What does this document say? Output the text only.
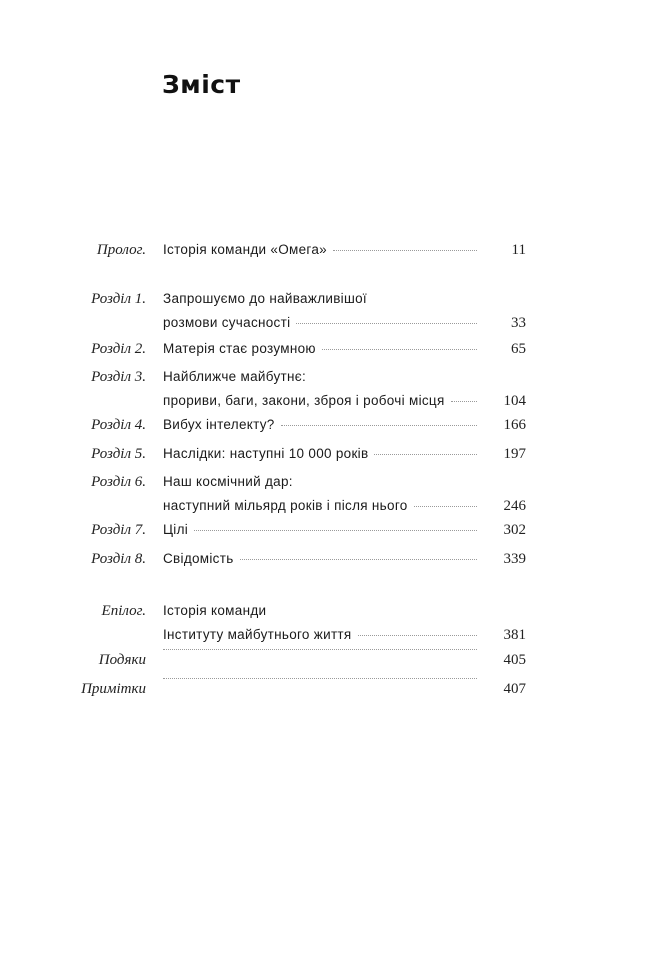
Зміст
Пролог. Історія команди «Омега»	11
Розділ 1. Запрошуємо до найважливішої
розмови сучасності	33
Розділ 2. Матерія стає розумною	65
Розділ 3. Найближче майбутнє:
прориви, баги, закони, зброя і робочі місця	104
Розділ 4. Вибух інтелекту?	166
Розділ 5. Наслідки: наступні 10 000 років	197
Розділ 6. Наш космічний дар:
наступний мільярд років і після нього	246
Розділ 7. Цілі	302
Розділ 8. Свідомість	339
Епілог. Історія команди
Інституту майбутнього життя	381
Подяки	405
Примітки	407
